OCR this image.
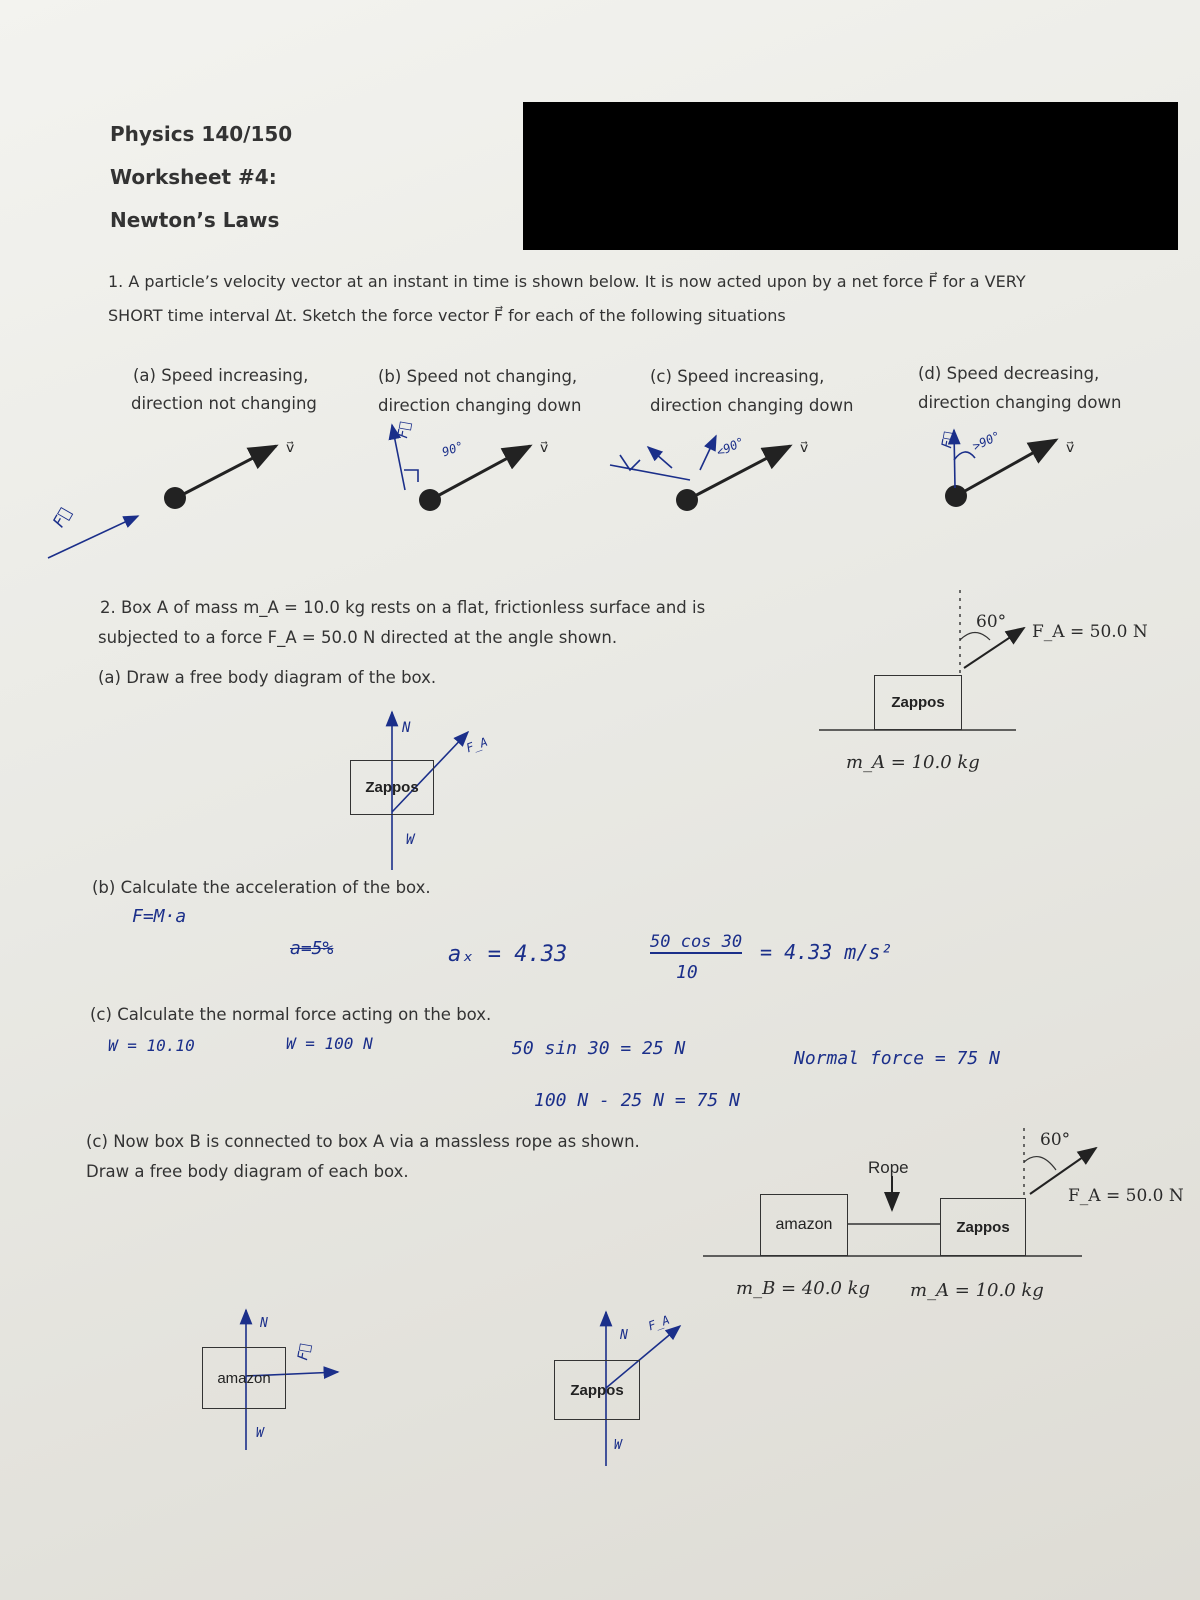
Physics 140/150
Worksheet #4:
Newton’s Laws
1. A particle’s velocity vector at an instant in time is shown below. It is now acted upon by a net force F⃗ for a VERY
SHORT time interval Δt. Sketch the force vector F⃗ for each of the following situations
(a) Speed increasing,
direction not changing
(b) Speed not changing,
direction changing down
(c) Speed increasing,
direction changing down
(d) Speed decreasing,
direction changing down
v⃗	v⃗	v⃗	v⃗
F⃗
F⃗
90°	<90°	F⃗ >90°
2. Box A of mass m_A = 10.0 kg rests on a flat, frictionless surface and is
subjected to a force F_A = 50.0 N directed at the angle shown.
(a) Draw a free body diagram of the box.
Zappos
60° F_A = 50.0 N
m_A = 10.0 kg
Zappos
N
W
F_A
(b) Calculate the acceleration of the box.
F=M·a
a=5%	aₓ = 4.33	50 cos 30
10
= 4.33 m/s²
(c) Calculate the normal force acting on the box.
W = 10.10	W = 100 N	50 sin 30 = 25 N	Normal force = 75 N
100 N - 25 N = 75 N
(c) Now box B is connected to box A via a massless rope as shown.
Draw a free body diagram of each box.
amazon	Zappos
Rope
60°
F_A = 50.0 N
m_B = 40.0 kg m_A = 10.0 kg
amazon
Zappos
N
W
F⃗
N
W
F_A
